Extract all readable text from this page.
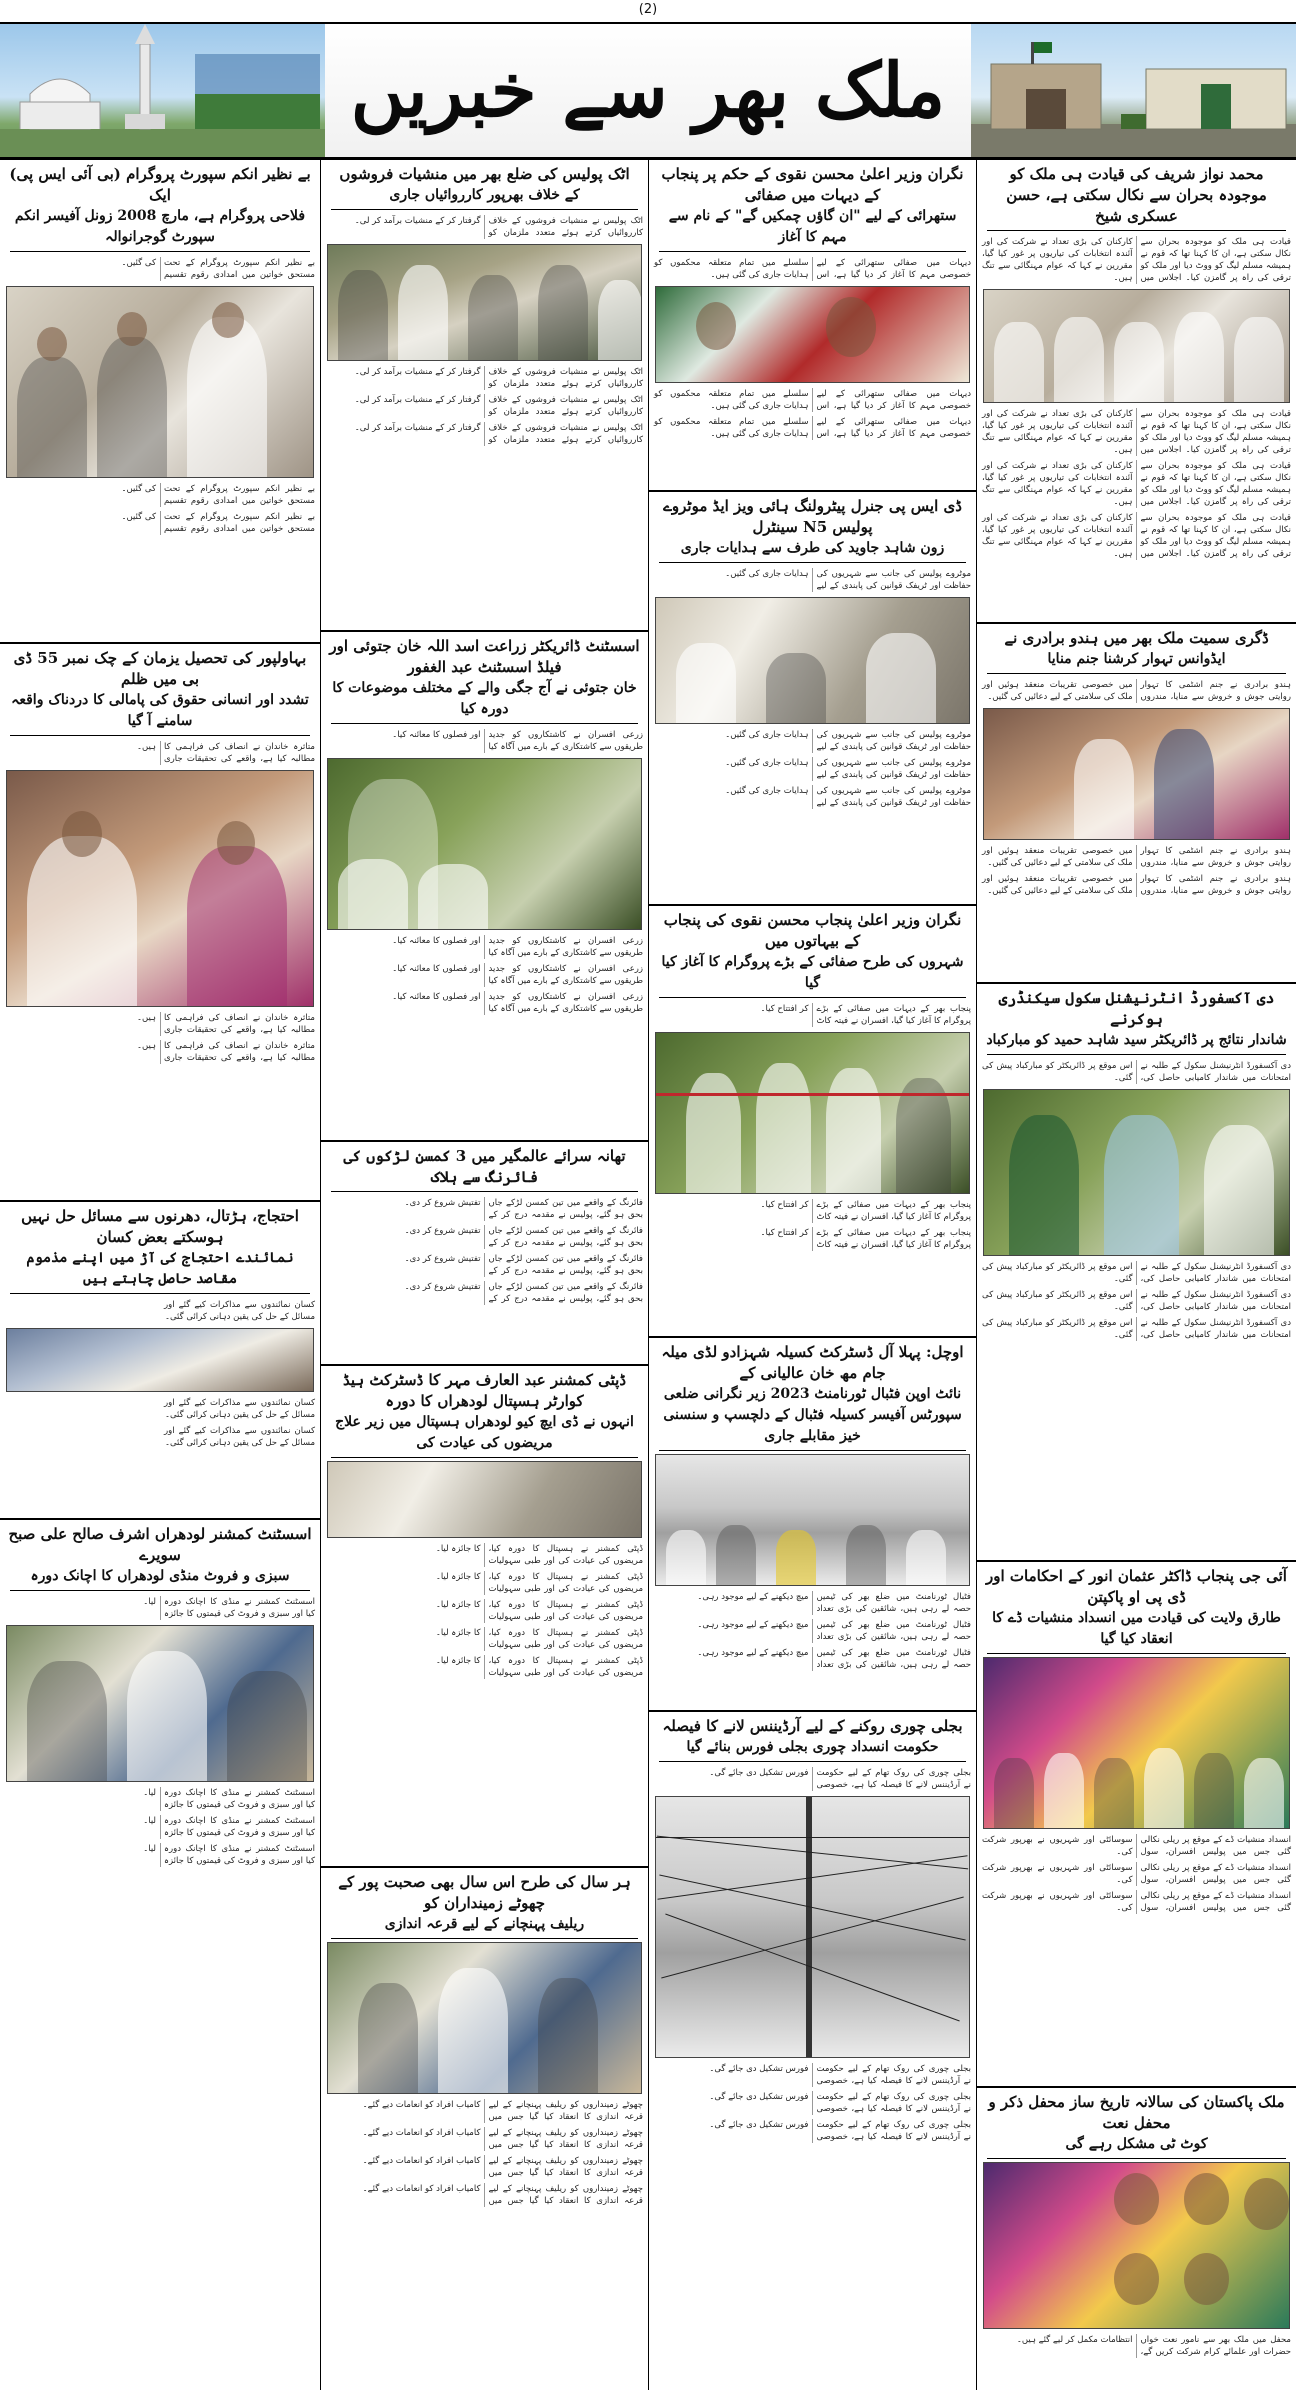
(2)
ملک بھر سے خبریں
بے نظیر انکم سپورٹ پروگرام (بی آئی ایس پی) ایک
فلاحی پروگرام ہے، مارچ 2008 زونل آفیسر انکم سپورٹ گوجرانوالہ
بے نظیر انکم سپورٹ پروگرام کے تحت مستحق خواتین میں امدادی رقوم تقسیم کی گئیں۔
بے نظیر انکم سپورٹ پروگرام کے تحت مستحق خواتین میں امدادی رقوم تقسیم کی گئیں۔
بے نظیر انکم سپورٹ پروگرام کے تحت مستحق خواتین میں امدادی رقوم تقسیم کی گئیں۔
بہاولپور کی تحصیل یزمان کے چک نمبر 55 ڈی بی میں ظلم
تشدد اور انسانی حقوق کی پامالی کا دردناک واقعہ سامنے آ گیا
متاثرہ خاندان نے انصاف کی فراہمی کا مطالبہ کیا ہے، واقعے کی تحقیقات جاری ہیں۔
متاثرہ خاندان نے انصاف کی فراہمی کا مطالبہ کیا ہے، واقعے کی تحقیقات جاری ہیں۔
متاثرہ خاندان نے انصاف کی فراہمی کا مطالبہ کیا ہے، واقعے کی تحقیقات جاری ہیں۔
احتجاج، ہڑتال، دھرنوں سے مسائل حل نہیں ہوسکتے بعض کسان
نمائندے احتجاج کی آڑ میں اپنے مذموم مقاصد حاصل چاہتے ہیں
کسان نمائندوں سے مذاکرات کیے گئے اور مسائل کے حل کی یقین دہانی کرائی گئی۔
کسان نمائندوں سے مذاکرات کیے گئے اور مسائل کے حل کی یقین دہانی کرائی گئی۔
کسان نمائندوں سے مذاکرات کیے گئے اور مسائل کے حل کی یقین دہانی کرائی گئی۔
اسسٹنٹ کمشنر لودھراں اشرف صالح علی صبح سویرے
سبزی و فروٹ منڈی لودھراں کا اچانک دورہ
اسسٹنٹ کمشنر نے منڈی کا اچانک دورہ کیا اور سبزی و فروٹ کی قیمتوں کا جائزہ لیا۔
اسسٹنٹ کمشنر نے منڈی کا اچانک دورہ کیا اور سبزی و فروٹ کی قیمتوں کا جائزہ لیا۔
اسسٹنٹ کمشنر نے منڈی کا اچانک دورہ کیا اور سبزی و فروٹ کی قیمتوں کا جائزہ لیا۔
اسسٹنٹ کمشنر نے منڈی کا اچانک دورہ کیا اور سبزی و فروٹ کی قیمتوں کا جائزہ لیا۔
اٹک پولیس کی ضلع بھر میں منشیات فروشوں
کے خلاف بھرپور کارروائیاں جاری
اٹک پولیس نے منشیات فروشوں کے خلاف کارروائیاں کرتے ہوئے متعدد ملزمان کو گرفتار کر کے منشیات برآمد کر لی۔
اٹک پولیس نے منشیات فروشوں کے خلاف کارروائیاں کرتے ہوئے متعدد ملزمان کو گرفتار کر کے منشیات برآمد کر لی۔
اٹک پولیس نے منشیات فروشوں کے خلاف کارروائیاں کرتے ہوئے متعدد ملزمان کو گرفتار کر کے منشیات برآمد کر لی۔
اٹک پولیس نے منشیات فروشوں کے خلاف کارروائیاں کرتے ہوئے متعدد ملزمان کو گرفتار کر کے منشیات برآمد کر لی۔
اسسٹنٹ ڈائریکٹر زراعت اسد اللہ خان جتوئی اور فیلڈ اسسٹنٹ عبد الغفور
خان جتوئی نے آج جگی والے کے مختلف موضوعات کا دورہ کیا
زرعی افسران نے کاشتکاروں کو جدید طریقوں سے کاشتکاری کے بارے میں آگاہ کیا اور فصلوں کا معائنہ کیا۔
زرعی افسران نے کاشتکاروں کو جدید طریقوں سے کاشتکاری کے بارے میں آگاہ کیا اور فصلوں کا معائنہ کیا۔
زرعی افسران نے کاشتکاروں کو جدید طریقوں سے کاشتکاری کے بارے میں آگاہ کیا اور فصلوں کا معائنہ کیا۔
زرعی افسران نے کاشتکاروں کو جدید طریقوں سے کاشتکاری کے بارے میں آگاہ کیا اور فصلوں کا معائنہ کیا۔
تھانہ سرائے عالمگیر میں 3 کمسن لڑکوں کی فائرنگ سے ہلاک
فائرنگ کے واقعے میں تین کمسن لڑکے جاں بحق ہو گئے، پولیس نے مقدمہ درج کر کے تفتیش شروع کر دی۔
فائرنگ کے واقعے میں تین کمسن لڑکے جاں بحق ہو گئے، پولیس نے مقدمہ درج کر کے تفتیش شروع کر دی۔
فائرنگ کے واقعے میں تین کمسن لڑکے جاں بحق ہو گئے، پولیس نے مقدمہ درج کر کے تفتیش شروع کر دی۔
فائرنگ کے واقعے میں تین کمسن لڑکے جاں بحق ہو گئے، پولیس نے مقدمہ درج کر کے تفتیش شروع کر دی۔
ڈپٹی کمشنر عبد العارف مہر کا ڈسٹرکٹ ہیڈ کوارٹر ہسپتال لودھراں کا دورہ
انہوں نے ڈی ایچ کیو لودھراں ہسپتال میں زیر علاج مریضوں کی عیادت کی
ڈپٹی کمشنر نے ہسپتال کا دورہ کیا، مریضوں کی عیادت کی اور طبی سہولیات کا جائزہ لیا۔
ڈپٹی کمشنر نے ہسپتال کا دورہ کیا، مریضوں کی عیادت کی اور طبی سہولیات کا جائزہ لیا۔
ڈپٹی کمشنر نے ہسپتال کا دورہ کیا، مریضوں کی عیادت کی اور طبی سہولیات کا جائزہ لیا۔
ڈپٹی کمشنر نے ہسپتال کا دورہ کیا، مریضوں کی عیادت کی اور طبی سہولیات کا جائزہ لیا۔
ڈپٹی کمشنر نے ہسپتال کا دورہ کیا، مریضوں کی عیادت کی اور طبی سہولیات کا جائزہ لیا۔
ہر سال کی طرح اس سال بھی صحبت پور کے چھوٹے زمینداران کو
ریلیف پہنچانے کے لیے قرعہ اندازی
چھوٹے زمینداروں کو ریلیف پہنچانے کے لیے قرعہ اندازی کا انعقاد کیا گیا جس میں کامیاب افراد کو انعامات دیے گئے۔
چھوٹے زمینداروں کو ریلیف پہنچانے کے لیے قرعہ اندازی کا انعقاد کیا گیا جس میں کامیاب افراد کو انعامات دیے گئے۔
چھوٹے زمینداروں کو ریلیف پہنچانے کے لیے قرعہ اندازی کا انعقاد کیا گیا جس میں کامیاب افراد کو انعامات دیے گئے۔
چھوٹے زمینداروں کو ریلیف پہنچانے کے لیے قرعہ اندازی کا انعقاد کیا گیا جس میں کامیاب افراد کو انعامات دیے گئے۔
نگران وزیر اعلیٰ محسن نقوی کے حکم پر پنجاب کے دیہات میں صفائی
ستھرائی کے لیے "ان گاؤں چمکیں گے" کے نام سے مہم کا آغاز
دیہات میں صفائی ستھرائی کے لیے خصوصی مہم کا آغاز کر دیا گیا ہے، اس سلسلے میں تمام متعلقہ محکموں کو ہدایات جاری کی گئی ہیں۔
دیہات میں صفائی ستھرائی کے لیے خصوصی مہم کا آغاز کر دیا گیا ہے، اس سلسلے میں تمام متعلقہ محکموں کو ہدایات جاری کی گئی ہیں۔
دیہات میں صفائی ستھرائی کے لیے خصوصی مہم کا آغاز کر دیا گیا ہے، اس سلسلے میں تمام متعلقہ محکموں کو ہدایات جاری کی گئی ہیں۔
ڈی ایس پی جنرل پیٹرولنگ ہائی ویز ایڈ موٹروے پولیس N5 سینٹرل
زون شاہد جاوید کی طرف سے ہدایات جاری
موٹروے پولیس کی جانب سے شہریوں کی حفاظت اور ٹریفک قوانین کی پابندی کے لیے ہدایات جاری کی گئیں۔
موٹروے پولیس کی جانب سے شہریوں کی حفاظت اور ٹریفک قوانین کی پابندی کے لیے ہدایات جاری کی گئیں۔
موٹروے پولیس کی جانب سے شہریوں کی حفاظت اور ٹریفک قوانین کی پابندی کے لیے ہدایات جاری کی گئیں۔
موٹروے پولیس کی جانب سے شہریوں کی حفاظت اور ٹریفک قوانین کی پابندی کے لیے ہدایات جاری کی گئیں۔
نگران وزیر اعلیٰ پنجاب محسن نقوی کی پنجاب کے بیہاتوں میں
شہروں کی طرح صفائی کے بڑے پروگرام کا آغاز کیا گیا
پنجاب بھر کے دیہات میں صفائی کے بڑے پروگرام کا آغاز کیا گیا، افسران نے فیتہ کاٹ کر افتتاح کیا۔
پنجاب بھر کے دیہات میں صفائی کے بڑے پروگرام کا آغاز کیا گیا، افسران نے فیتہ کاٹ کر افتتاح کیا۔
پنجاب بھر کے دیہات میں صفائی کے بڑے پروگرام کا آغاز کیا گیا، افسران نے فیتہ کاٹ کر افتتاح کیا۔
اوچل: پہلا آل ڈسٹرکٹ کسیلہ شہزادو لڈی میلہ جام مھ خان عالیانی کے
نائٹ اوپن فٹبال ٹورنامنٹ 2023 زیر نگرانی ضلعی سپورٹس آفیسر کسیلہ فٹبال کے دلچسپ و سنسنی خیز مقابلے جاری
فٹبال ٹورنامنٹ میں ضلع بھر کی ٹیمیں حصہ لے رہی ہیں، شائقین کی بڑی تعداد میچ دیکھنے کے لیے موجود رہی۔
فٹبال ٹورنامنٹ میں ضلع بھر کی ٹیمیں حصہ لے رہی ہیں، شائقین کی بڑی تعداد میچ دیکھنے کے لیے موجود رہی۔
فٹبال ٹورنامنٹ میں ضلع بھر کی ٹیمیں حصہ لے رہی ہیں، شائقین کی بڑی تعداد میچ دیکھنے کے لیے موجود رہی۔
بجلی چوری روکنے کے لیے آرڈیننس لانے کا فیصلہ
حکومت انسداد چوری بجلی فورس بنائے گیا
بجلی چوری کی روک تھام کے لیے حکومت نے آرڈیننس لانے کا فیصلہ کیا ہے، خصوصی فورس تشکیل دی جائے گی۔
بجلی چوری کی روک تھام کے لیے حکومت نے آرڈیننس لانے کا فیصلہ کیا ہے، خصوصی فورس تشکیل دی جائے گی۔
بجلی چوری کی روک تھام کے لیے حکومت نے آرڈیننس لانے کا فیصلہ کیا ہے، خصوصی فورس تشکیل دی جائے گی۔
بجلی چوری کی روک تھام کے لیے حکومت نے آرڈیننس لانے کا فیصلہ کیا ہے، خصوصی فورس تشکیل دی جائے گی۔
محمد نواز شریف کی قیادت ہی ملک کو موجودہ بحران سے نکال سکتی ہے، حسن عسکری شیخ
قیادت ہی ملک کو موجودہ بحران سے نکال سکتی ہے، ان کا کہنا تھا کہ قوم نے ہمیشہ مسلم لیگ کو ووٹ دیا اور ملک کو ترقی کی راہ پر گامزن کیا۔ اجلاس میں کارکنان کی بڑی تعداد نے شرکت کی اور آئندہ انتخابات کی تیاریوں پر غور کیا گیا، مقررین نے کہا کہ عوام مہنگائی سے تنگ ہیں۔
قیادت ہی ملک کو موجودہ بحران سے نکال سکتی ہے، ان کا کہنا تھا کہ قوم نے ہمیشہ مسلم لیگ کو ووٹ دیا اور ملک کو ترقی کی راہ پر گامزن کیا۔ اجلاس میں کارکنان کی بڑی تعداد نے شرکت کی اور آئندہ انتخابات کی تیاریوں پر غور کیا گیا، مقررین نے کہا کہ عوام مہنگائی سے تنگ ہیں۔
قیادت ہی ملک کو موجودہ بحران سے نکال سکتی ہے، ان کا کہنا تھا کہ قوم نے ہمیشہ مسلم لیگ کو ووٹ دیا اور ملک کو ترقی کی راہ پر گامزن کیا۔ اجلاس میں کارکنان کی بڑی تعداد نے شرکت کی اور آئندہ انتخابات کی تیاریوں پر غور کیا گیا، مقررین نے کہا کہ عوام مہنگائی سے تنگ ہیں۔
قیادت ہی ملک کو موجودہ بحران سے نکال سکتی ہے، ان کا کہنا تھا کہ قوم نے ہمیشہ مسلم لیگ کو ووٹ دیا اور ملک کو ترقی کی راہ پر گامزن کیا۔ اجلاس میں کارکنان کی بڑی تعداد نے شرکت کی اور آئندہ انتخابات کی تیاریوں پر غور کیا گیا، مقررین نے کہا کہ عوام مہنگائی سے تنگ ہیں۔
ڈگری سمیت ملک بھر میں ہندو برادری نے
ایڈوانس تہوار کرشنا جنم منایا
ہندو برادری نے جنم اشٹمی کا تہوار روایتی جوش و خروش سے منایا، مندروں میں خصوصی تقریبات منعقد ہوئیں اور ملک کی سلامتی کے لیے دعائیں کی گئیں۔
ہندو برادری نے جنم اشٹمی کا تہوار روایتی جوش و خروش سے منایا، مندروں میں خصوصی تقریبات منعقد ہوئیں اور ملک کی سلامتی کے لیے دعائیں کی گئیں۔
ہندو برادری نے جنم اشٹمی کا تہوار روایتی جوش و خروش سے منایا، مندروں میں خصوصی تقریبات منعقد ہوئیں اور ملک کی سلامتی کے لیے دعائیں کی گئیں۔
دی آکسفورڈ انٹرنیشنل سکول سیکنڈری ہوکرنے
شاندار نتائج پر ڈائریکٹر سید شاہد حمید کو مبارکباد
دی آکسفورڈ انٹرنیشنل سکول کے طلبہ نے امتحانات میں شاندار کامیابی حاصل کی، اس موقع پر ڈائریکٹر کو مبارکباد پیش کی گئی۔
دی آکسفورڈ انٹرنیشنل سکول کے طلبہ نے امتحانات میں شاندار کامیابی حاصل کی، اس موقع پر ڈائریکٹر کو مبارکباد پیش کی گئی۔
دی آکسفورڈ انٹرنیشنل سکول کے طلبہ نے امتحانات میں شاندار کامیابی حاصل کی، اس موقع پر ڈائریکٹر کو مبارکباد پیش کی گئی۔
دی آکسفورڈ انٹرنیشنل سکول کے طلبہ نے امتحانات میں شاندار کامیابی حاصل کی، اس موقع پر ڈائریکٹر کو مبارکباد پیش کی گئی۔
آئی جی پنجاب ڈاکٹر عثمان انور کے احکامات اور ڈی پی او پاکپتن
طارق ولایت کی قیادت میں انسداد منشیات ڈے کا انعقاد کیا گیا
انسداد منشیات ڈے کے موقع پر ریلی نکالی گئی جس میں پولیس افسران، سول سوسائٹی اور شہریوں نے بھرپور شرکت کی۔
انسداد منشیات ڈے کے موقع پر ریلی نکالی گئی جس میں پولیس افسران، سول سوسائٹی اور شہریوں نے بھرپور شرکت کی۔
انسداد منشیات ڈے کے موقع پر ریلی نکالی گئی جس میں پولیس افسران، سول سوسائٹی اور شہریوں نے بھرپور شرکت کی۔
ملک پاکستان کی سالانہ تاریخ ساز محفل ذکر و محفل نعت
کوٹ ٹی مشکل رہے گی
محفل میں ملک بھر سے نامور نعت خواں حضرات اور علمائے کرام شرکت کریں گے، انتظامات مکمل کر لیے گئے ہیں۔
